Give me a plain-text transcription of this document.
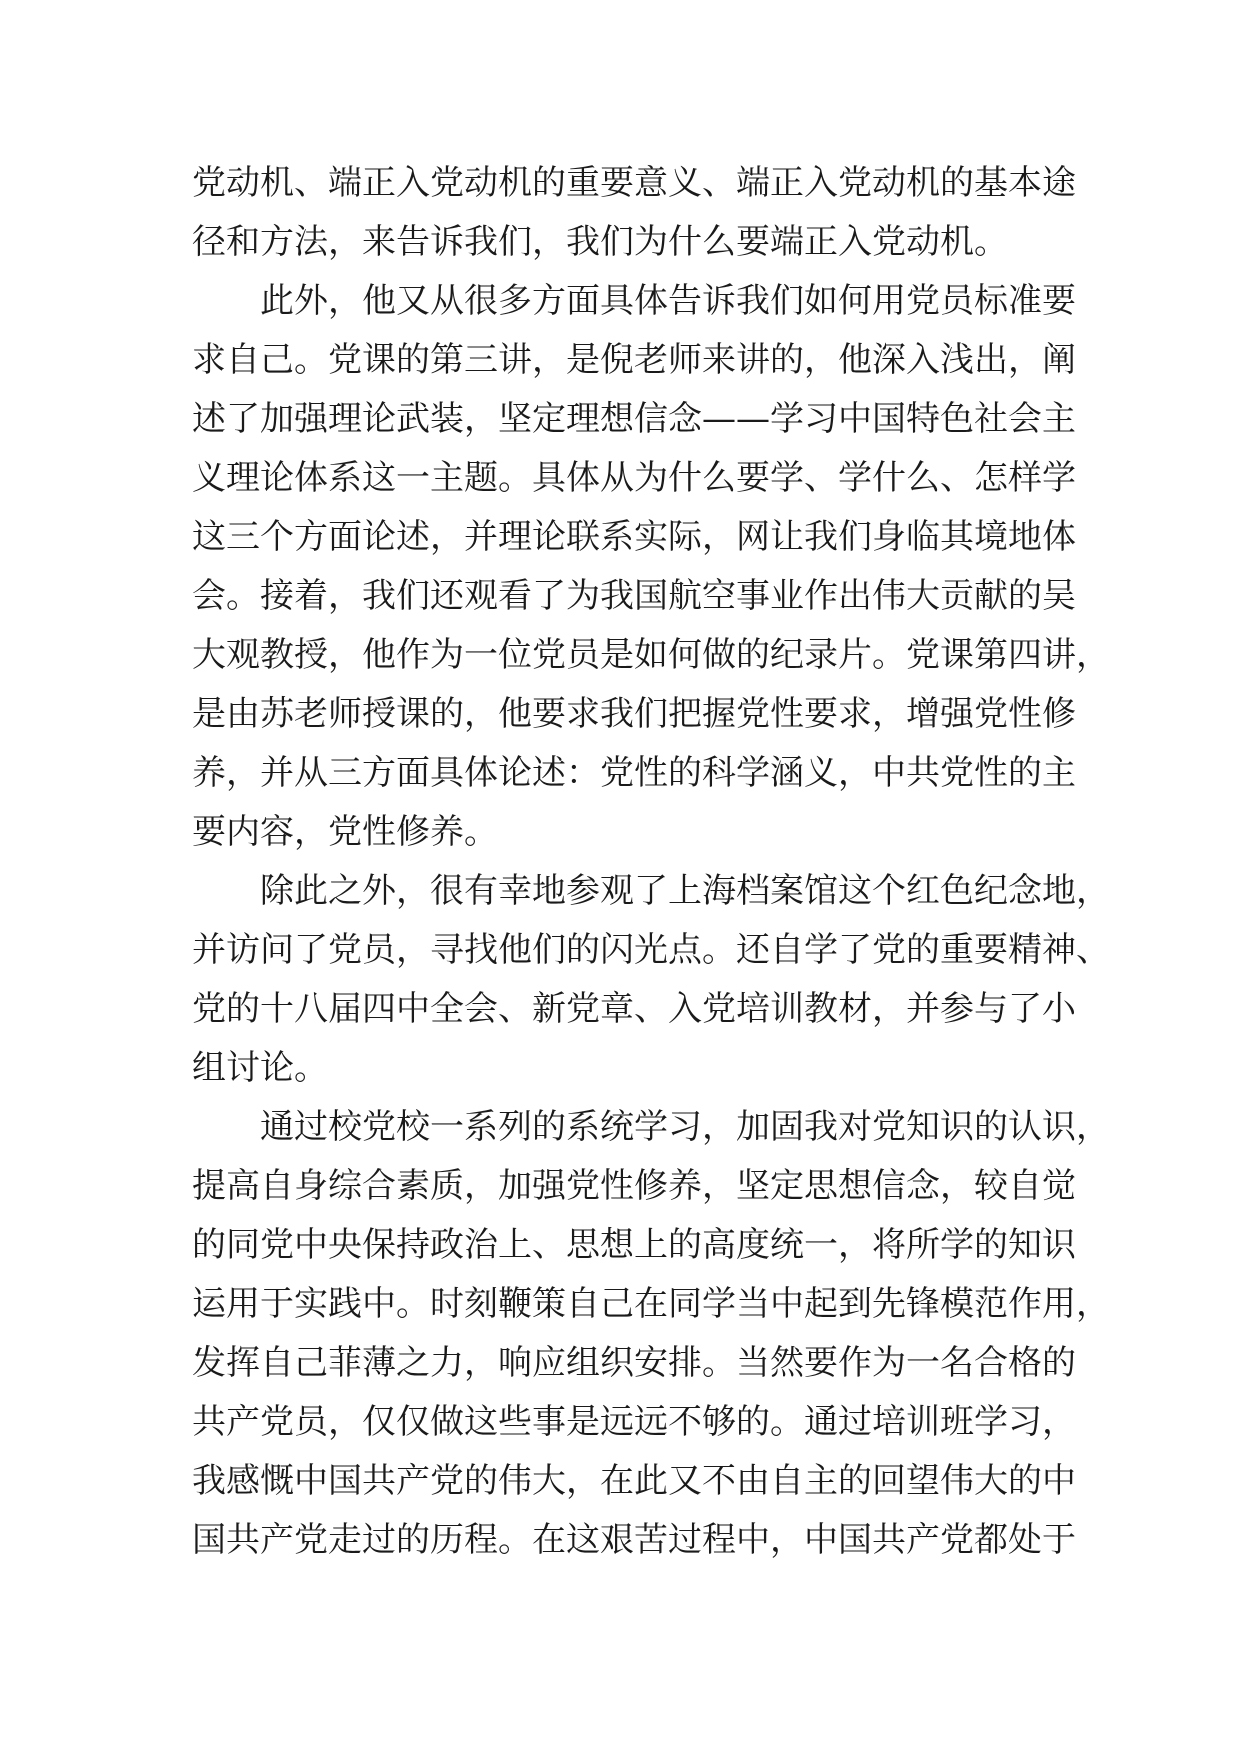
党动机、端正入党动机的重要意义、端正入党动机的基本途
径和方法，来告诉我们，我们为什么要端正入党动机。
　　此外，他又从很多方面具体告诉我们如何用党员标准要
求自己。党课的第三讲，是倪老师来讲的，他深入浅出，阐
述了加强理论武装，坚定理想信念——学习中国特色社会主
义理论体系这一主题。具体从为什么要学、学什么、怎样学
这三个方面论述，并理论联系实际，网让我们身临其境地体
会。接着，我们还观看了为我国航空事业作出伟大贡献的吴
大观教授，他作为一位党员是如何做的纪录片。党课第四讲，
是由苏老师授课的，他要求我们把握党性要求，增强党性修
养，并从三方面具体论述：党性的科学涵义，中共党性的主
要内容，党性修养。
　　除此之外，很有幸地参观了上海档案馆这个红色纪念地，
并访问了党员，寻找他们的闪光点。还自学了党的重要精神、
党的十八届四中全会、新党章、入党培训教材，并参与了小
组讨论。
　　通过校党校一系列的系统学习，加固我对党知识的认识，
提高自身综合素质，加强党性修养，坚定思想信念，较自觉
的同党中央保持政治上、思想上的高度统一，将所学的知识
运用于实践中。时刻鞭策自己在同学当中起到先锋模范作用，
发挥自己菲薄之力，响应组织安排。当然要作为一名合格的
共产党员，仅仅做这些事是远远不够的。通过培训班学习，
我感慨中国共产党的伟大，在此又不由自主的回望伟大的中
国共产党走过的历程。在这艰苦过程中，中国共产党都处于
